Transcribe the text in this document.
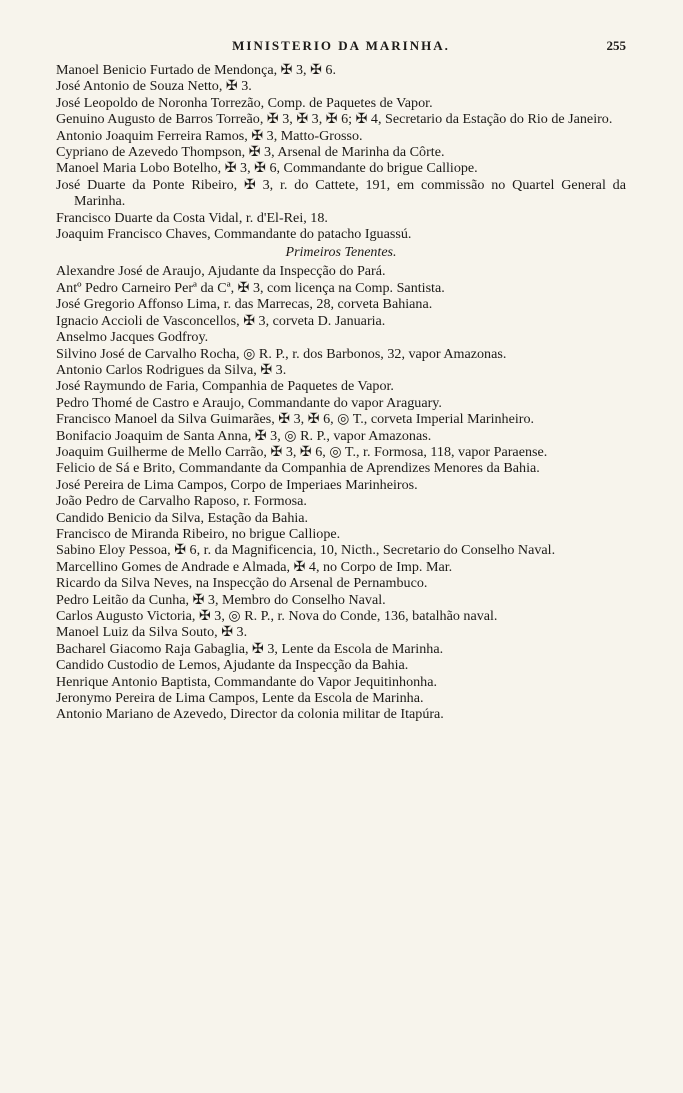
MINISTERIO DA MARINHA.	255

Manoel Benicio Furtado de Mendonça, ✠ 3, ✠ 6.

José Antonio de Souza Netto, ✠ 3.

José Leopoldo de Noronha Torrezão, Comp. de Paquetes de Vapor.

Genuino Augusto de Barros Torreão, ✠ 3, ✠ 3, ✠ 6; ✠ 4, Secretario da Estação do Rio de Janeiro.

Antonio Joaquim Ferreira Ramos, ✠ 3, Matto-Grosso.

Cypriano de Azevedo Thompson, ✠ 3, Arsenal de Marinha da Côrte.

Manoel Maria Lobo Botelho, ✠ 3, ✠ 6, Commandante do brigue Calliope.

José Duarte da Ponte Ribeiro, ✠ 3, r. do Cattete, 191, em commissão no Quartel General da Marinha.

Francisco Duarte da Costa Vidal, r. d'El-Rei, 18.

Joaquim Francisco Chaves, Commandante do patacho Iguassú.

Primeiros Tenentes.

Alexandre José de Araujo, Ajudante da Inspecção do Pará.

Antº Pedro Carneiro Perª da Cª, ✠ 3, com licença na Comp. Santista.

José Gregorio Affonso Lima, r. das Marrecas, 28, corveta Bahiana.

Ignacio Accioli de Vasconcellos, ✠ 3, corveta D. Januaria.

Anselmo Jacques Godfroy.

Silvino José de Carvalho Rocha, ◎ R. P., r. dos Barbonos, 32, vapor Amazonas.

Antonio Carlos Rodrigues da Silva, ✠ 3.

José Raymundo de Faria, Companhia de Paquetes de Vapor.

Pedro Thomé de Castro e Araujo, Commandante do vapor Araguary.

Francisco Manoel da Silva Guimarães, ✠ 3, ✠ 6, ◎ T., corveta Imperial Marinheiro.

Bonifacio Joaquim de Santa Anna, ✠ 3, ◎ R. P., vapor Amazonas.

Joaquim Guilherme de Mello Carrão, ✠ 3, ✠ 6, ◎ T., r. Formosa, 118, vapor Paraense.

Felicio de Sá e Brito, Commandante da Companhia de Aprendizes Menores da Bahia.

José Pereira de Lima Campos, Corpo de Imperiaes Marinheiros.

João Pedro de Carvalho Raposo, r. Formosa.

Candido Benicio da Silva, Estação da Bahia.

Francisco de Miranda Ribeiro, no brigue Calliope.

Sabino Eloy Pessoa, ✠ 6, r. da Magnificencia, 10, Nicth., Secretario do Conselho Naval.

Marcellino Gomes de Andrade e Almada, ✠ 4, no Corpo de Imp. Mar.

Ricardo da Silva Neves, na Inspecção do Arsenal de Pernambuco.

Pedro Leitão da Cunha, ✠ 3, Membro do Conselho Naval.

Carlos Augusto Victoria, ✠ 3, ◎ R. P., r. Nova do Conde, 136, batalhão naval.

Manoel Luiz da Silva Souto, ✠ 3.

Bacharel Giacomo Raja Gabaglia, ✠ 3, Lente da Escola de Marinha.

Candido Custodio de Lemos, Ajudante da Inspecção da Bahia.

Henrique Antonio Baptista, Commandante do Vapor Jequitinhonha.

Jeronymo Pereira de Lima Campos, Lente da Escola de Marinha.

Antonio Mariano de Azevedo, Director da colonia militar de Itapúra.
